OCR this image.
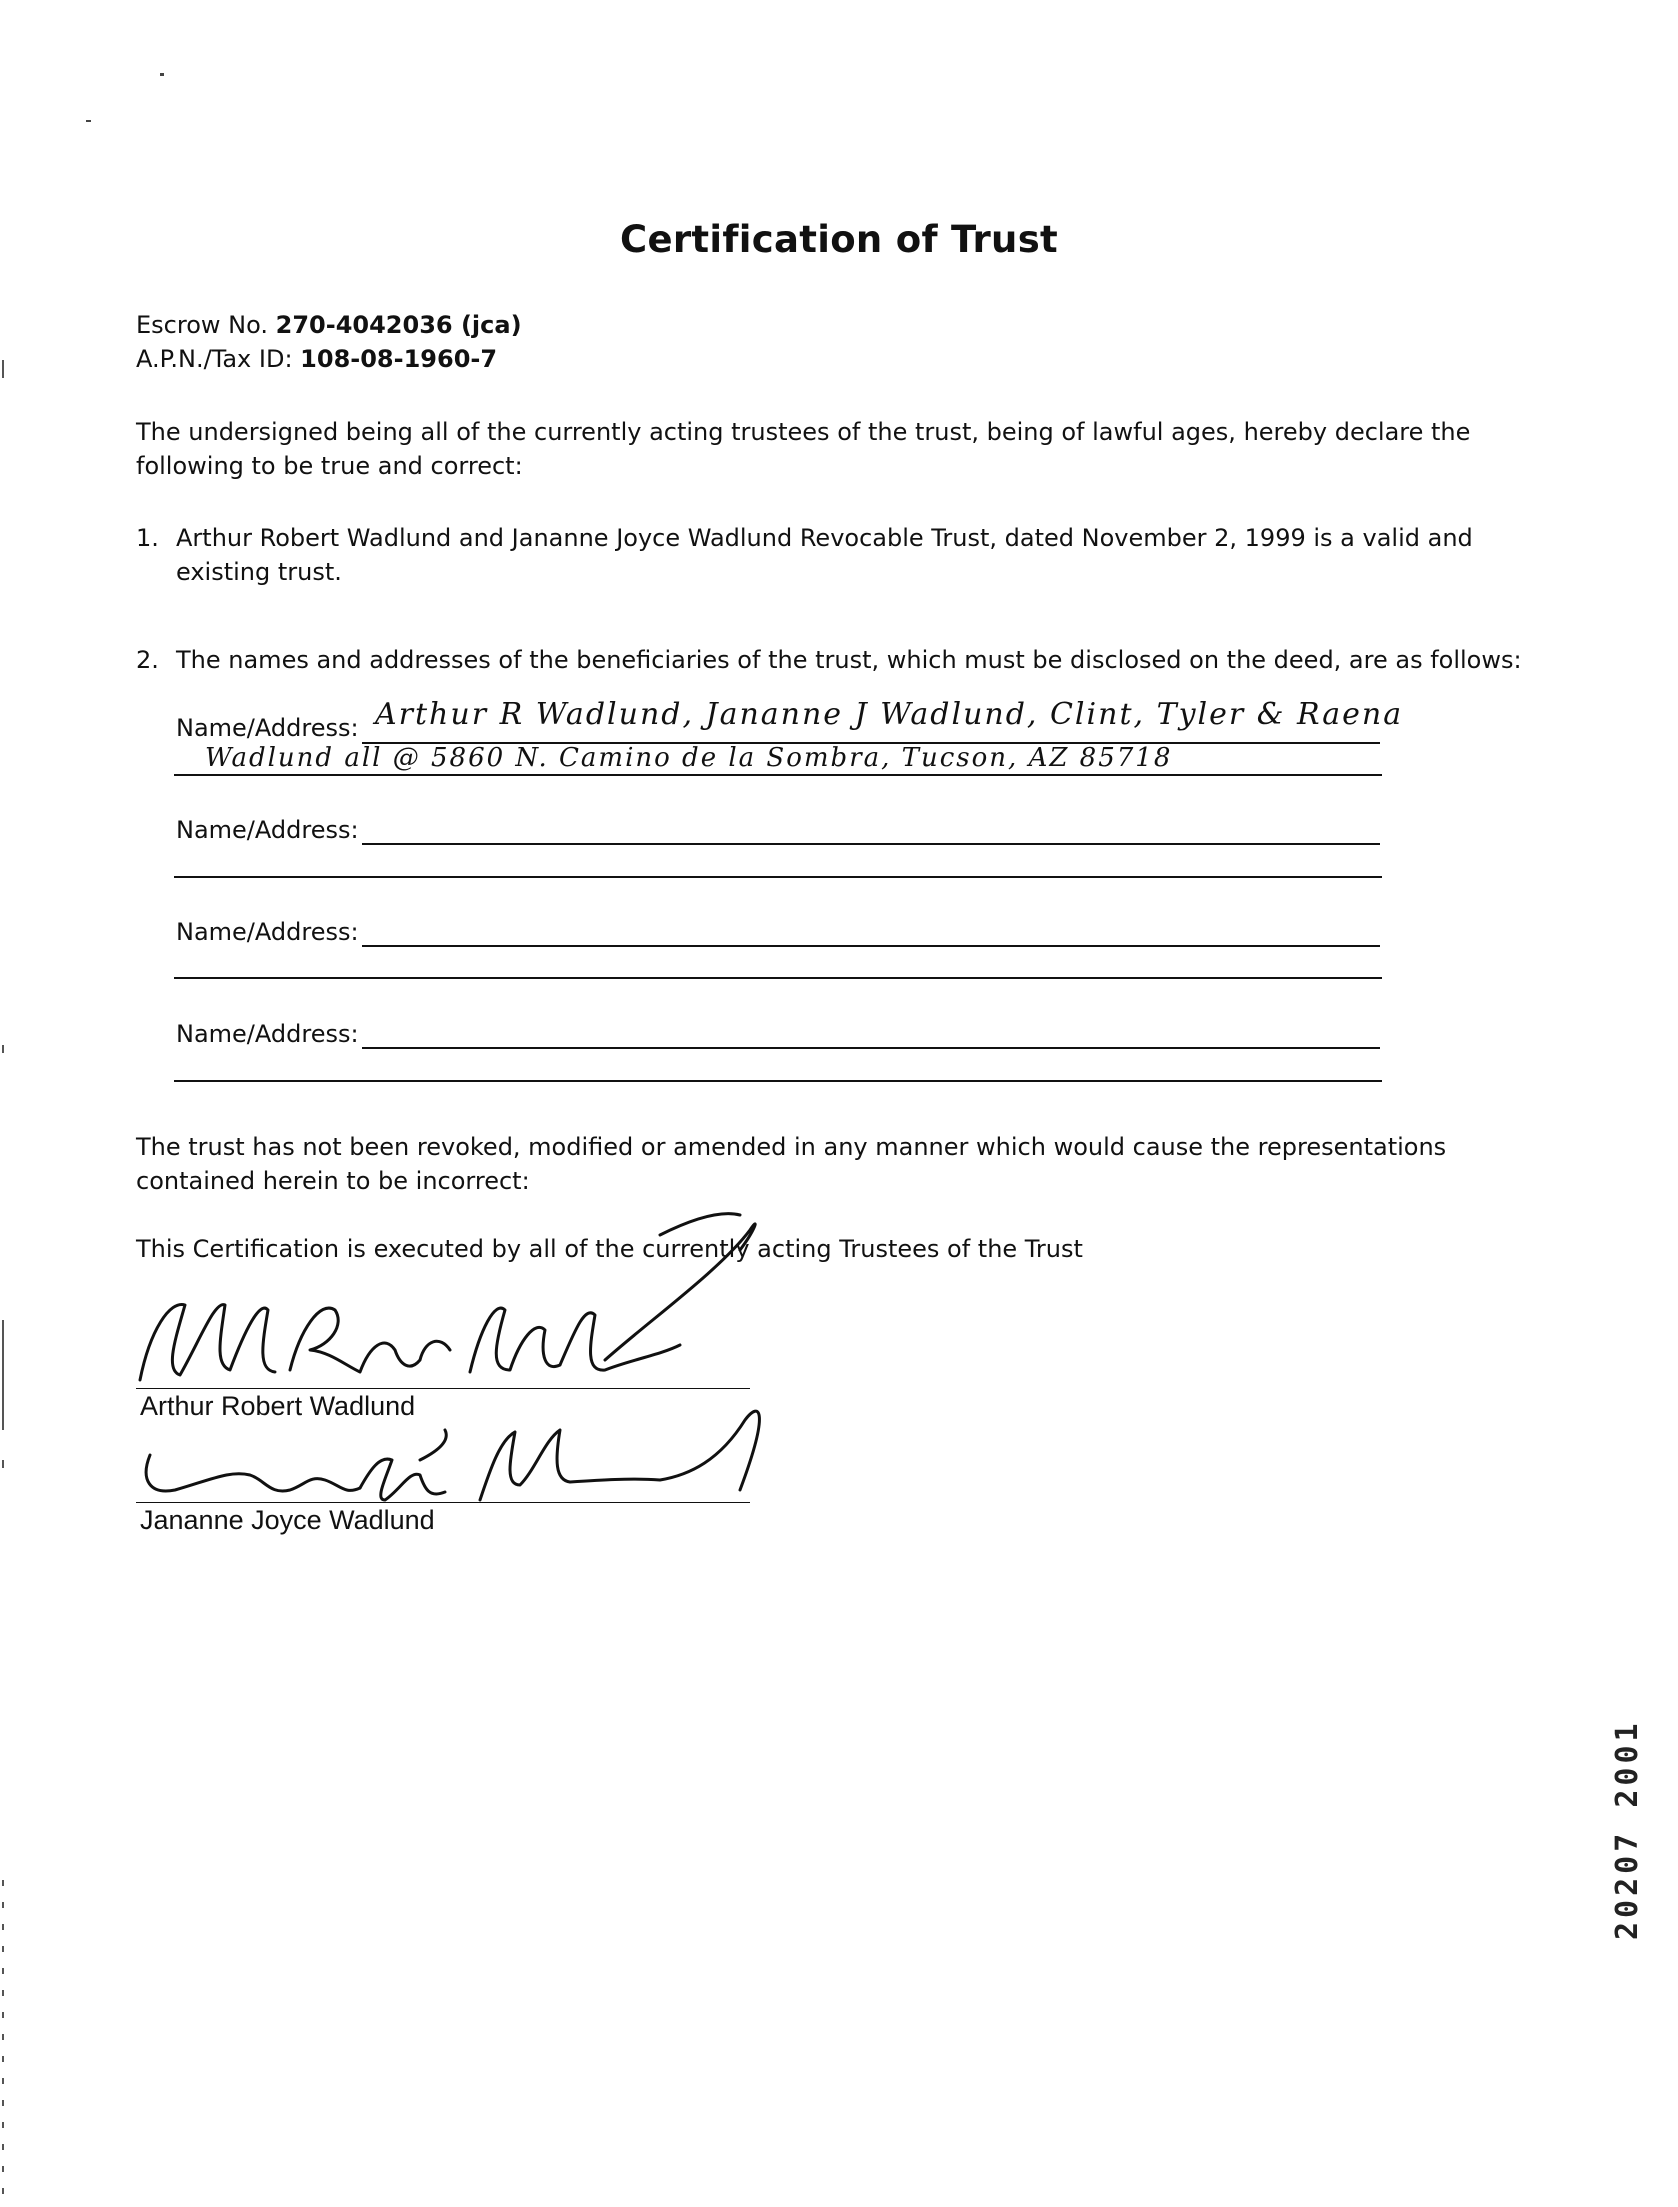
Certification of Trust
Escrow No. 270-4042036 (jca)
A.P.N./Tax ID: 108-08-1960-7
The undersigned being all of the currently acting trustees of the trust, being of lawful ages, hereby declare the following to be true and correct:
1. Arthur Robert Wadlund and Jananne Joyce Wadlund Revocable Trust, dated November 2, 1999 is a valid and existing trust.
2. The names and addresses of the beneficiaries of the trust, which must be disclosed on the deed, are as follows:
Name/Address: Arthur R Wadlund, Jananne J Wadlund, Clint, Tyler & Raena
Wadlund all @ 5860 N. Camino de la Sombra, Tucson, AZ 85718
Name/Address:
Name/Address:
Name/Address:
The trust has not been revoked, modified or amended in any manner which would cause the representations contained herein to be incorrect:
This Certification is executed by all of the currently acting Trustees of the Trust
Arthur Robert Wadlund
Jananne Joyce Wadlund
20207 2001
